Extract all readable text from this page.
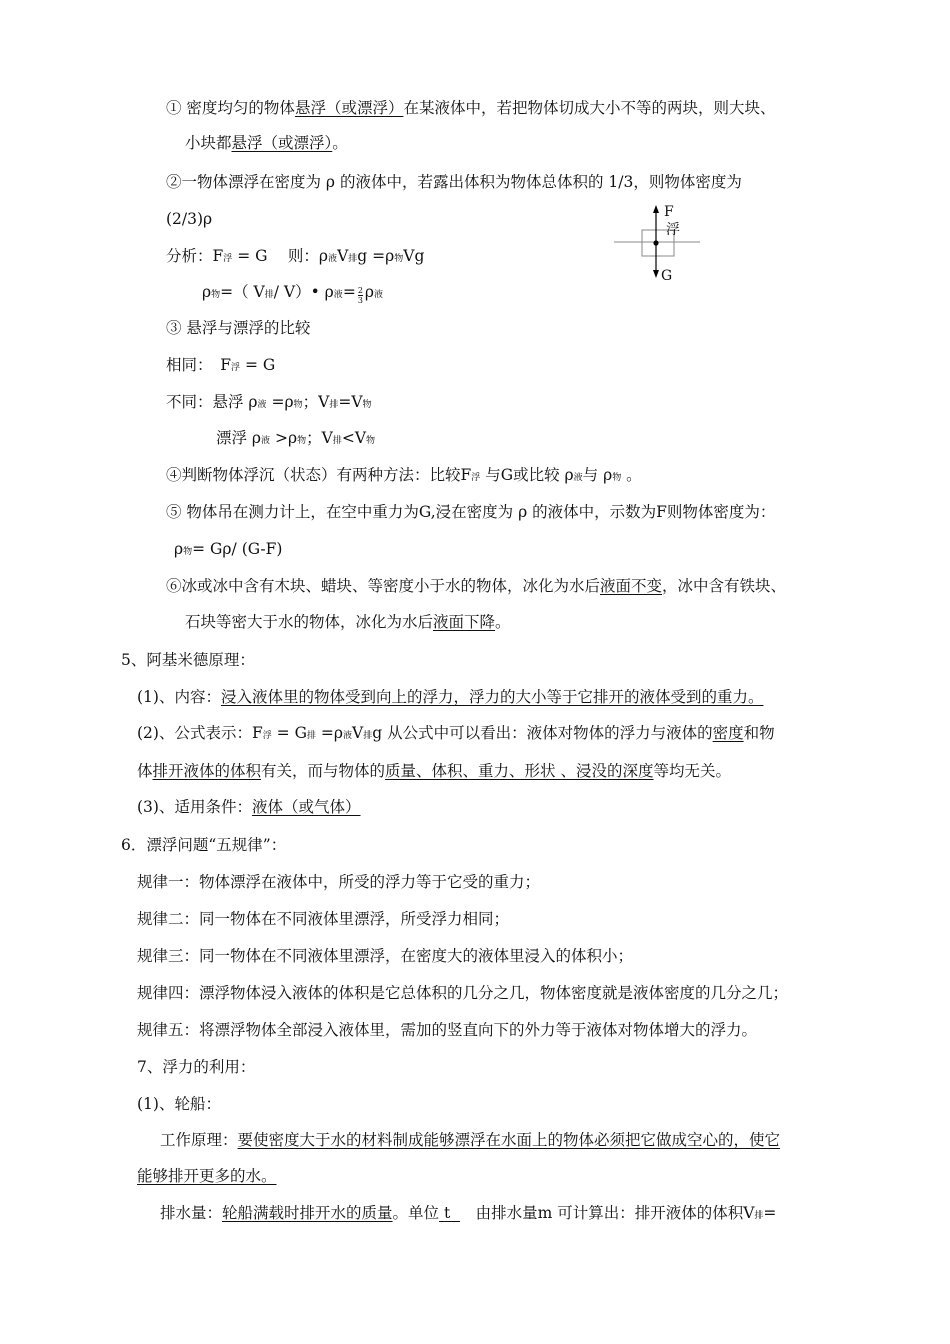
① 密度均匀的物体悬浮（或漂浮）在某液体中，若把物体切成大小不等的两块，则大块、
小块都悬浮（或漂浮）。
②一物体漂浮在密度为 ρ 的液体中，若露出体积为物体总体积的 1/3，则物体密度为
(2/3)ρ	F
浮
G
分析：F浮 = G　 则：ρ液V排g =ρ物Vg
ρ 物 =（ V 排 / V）• ρ 液 = $\frac{2}{3}$ ρ 液
③ 悬浮与漂浮的比较
相同：　F浮 = G
不同：悬浮 ρ液 =ρ物；V排=V物
漂浮 ρ液 >ρ物；V排<V物
④判断物体浮沉（状态）有两种方法：比较F浮 与G或比较 ρ液与 ρ物 。
⑤ 物体吊在测力计上，在空中重力为G,浸在密度为 ρ 的液体中，示数为F则物体密度为：
ρ物= Gρ/ (G-F)
⑥冰或冰中含有木块、蜡块、等密度小于水的物体，冰化为水后液面不变，冰中含有铁块、
石块等密大于水的物体，冰化为水后液面下降。
5、阿基米德原理：
(1)、内容：浸入液体里的物体受到向上的浮力，浮力的大小等于它排开的液体受到的重力。
(2)、公式表示：F浮 = G排 =ρ液V排g 从公式中可以看出：液体对物体的浮力与液体的密度和物
体排开液体的体积有关，而与物体的质量、体积、重力、形状 、浸没的深度等均无关。
(3)、适用条件：液体（或气体）
6．漂浮问题“五规律”：
规律一：物体漂浮在液体中，所受的浮力等于它受的重力；
规律二：同一物体在不同液体里漂浮，所受浮力相同；
规律三：同一物体在不同液体里漂浮，在密度大的液体里浸入的体积小；
规律四：漂浮物体浸入液体的体积是它总体积的几分之几，物体密度就是液体密度的几分之几；
规律五：将漂浮物体全部浸入液体里，需加的竖直向下的外力等于液体对物体增大的浮力。
7、浮力的利用：
(1)、轮船：
工作原理：要使密度大于水的材料制成能够漂浮在水面上的物体必须把它做成空心的，使它
能够排开更多的水。
排水量：轮船满载时排开水的质量。单位 t  　由排水量m 可计算出：排开液体的体积V排=
